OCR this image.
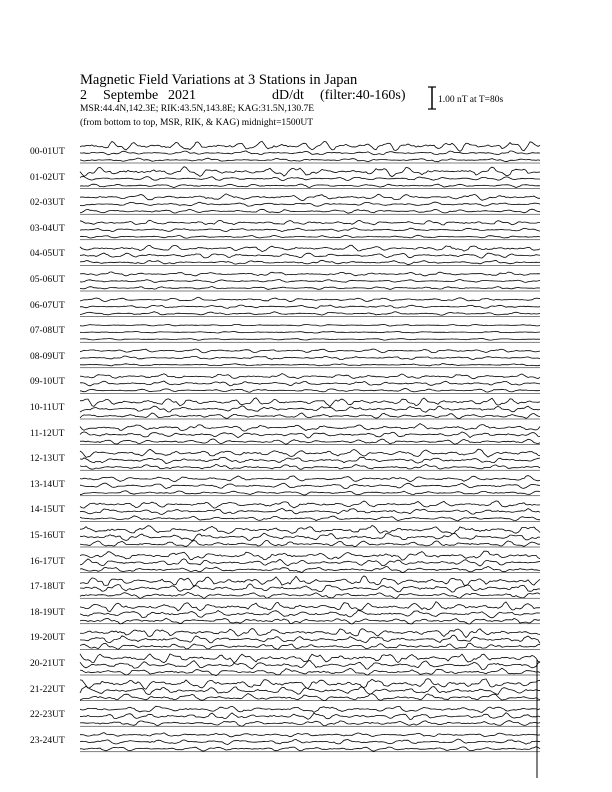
Magnetic Field Variations at 3 Stations in Japan
2 Septembe 2021	dD/dt (filter:40-160s)
MSR:44.4N,142.3E; RIK:43.5N,143.8E; KAG:31.5N,130.7E
(from bottom to top, MSR, RIK, & KAG) midnight=1500UT
1.00 nT at T=80s
00-01UT
01-02UT
02-03UT
03-04UT
04-05UT
05-06UT
06-07UT
07-08UT
08-09UT
09-10UT
10-11UT
11-12UT
12-13UT
13-14UT
14-15UT
15-16UT
16-17UT
17-18UT
18-19UT
19-20UT
20-21UT
21-22UT
22-23UT
23-24UT
